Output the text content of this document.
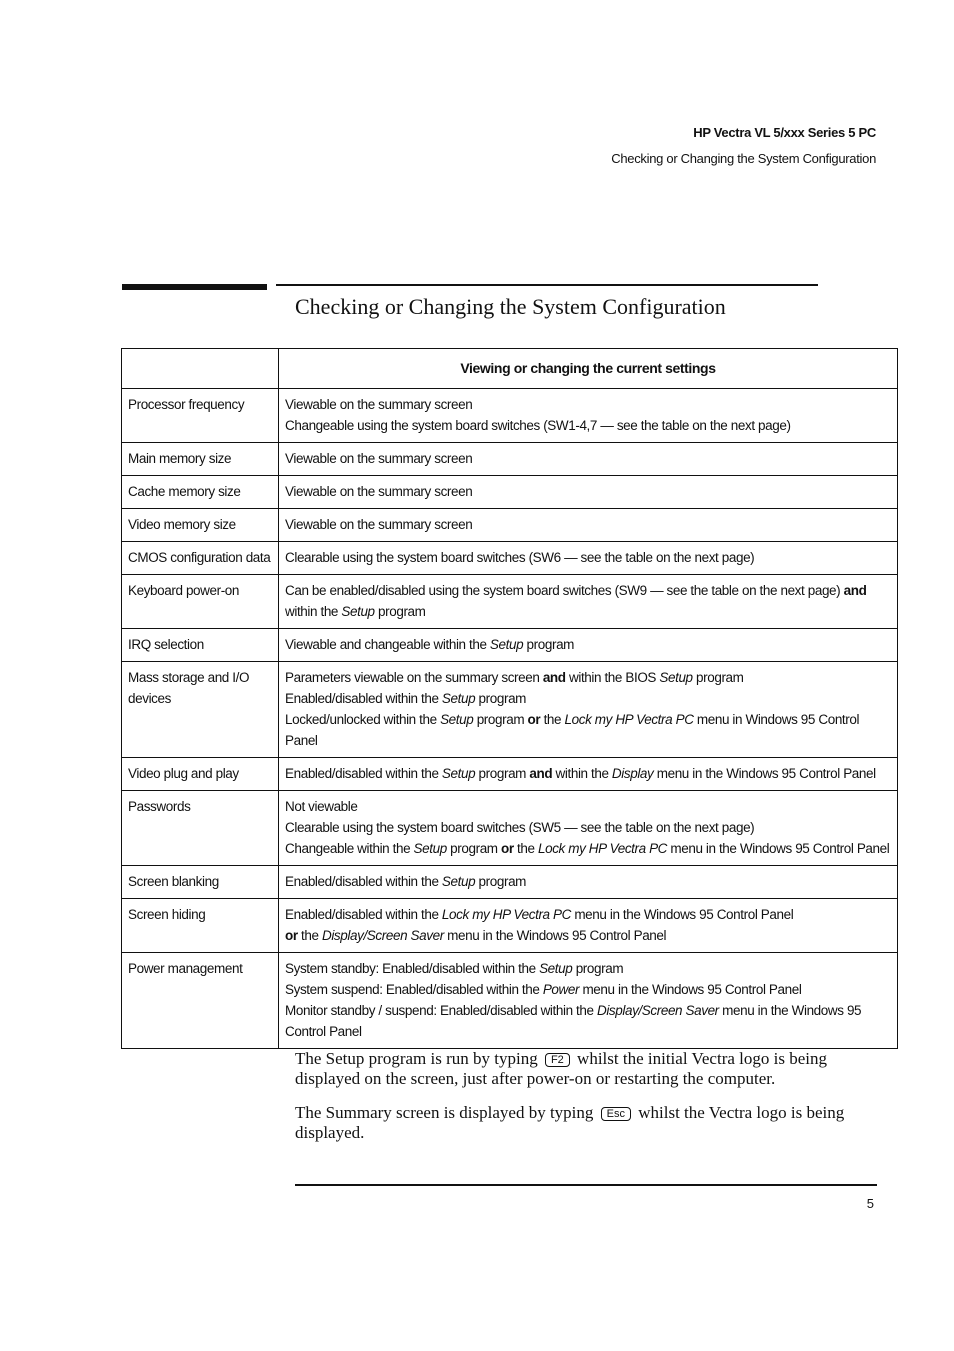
HP Vectra VL 5/xxx Series 5 PC
Checking or Changing the System Configuration
Checking or Changing the System Configuration
	Viewing or changing the current settings

Processor frequency	Viewable on the summary screen
Changeable using the system board switches (SW1-4,7 — see the table on the next page)

Main memory size	Viewable on the summary screen

Cache memory size	Viewable on the summary screen

Video memory size	Viewable on the summary screen

CMOS configuration data	Clearable using the system board switches (SW6 — see the table on the next page)

Keyboard power-on	Can be enabled/disabled using the system board switches (SW9 — see the table on the next page) and within the Setup program

IRQ selection	Viewable and changeable within the Setup program

Mass storage and I/O devices	Parameters viewable on the summary screen and within the BIOS Setup program
Enabled/disabled within the Setup program
Locked/unlocked within the Setup program or the Lock my HP Vectra PC menu in Windows 95 Control Panel

Video plug and play	Enabled/disabled within the Setup program and within the Display menu in the Windows 95 Control Panel

Passwords	Not viewable
Clearable using the system board switches (SW5 — see the table on the next page)
Changeable within the Setup program or the Lock my HP Vectra PC menu in the Windows 95 Control Panel

Screen blanking	Enabled/disabled within the Setup program

Screen hiding	Enabled/disabled within the Lock my HP Vectra PC menu in the Windows 95 Control Panel
or the Display/Screen Saver menu in the Windows 95 Control Panel

Power management	System standby: Enabled/disabled within the Setup program
System suspend: Enabled/disabled within the Power menu in the Windows 95 Control Panel
Monitor standby / suspend: Enabled/disabled within the Display/Screen Saver menu in the Windows 95 Control Panel

The Setup program is run by typing F2 whilst the initial Vectra logo is being displayed on the screen, just after power-on or restarting the computer.

The Summary screen is displayed by typing Esc whilst the Vectra logo is being displayed.

5
